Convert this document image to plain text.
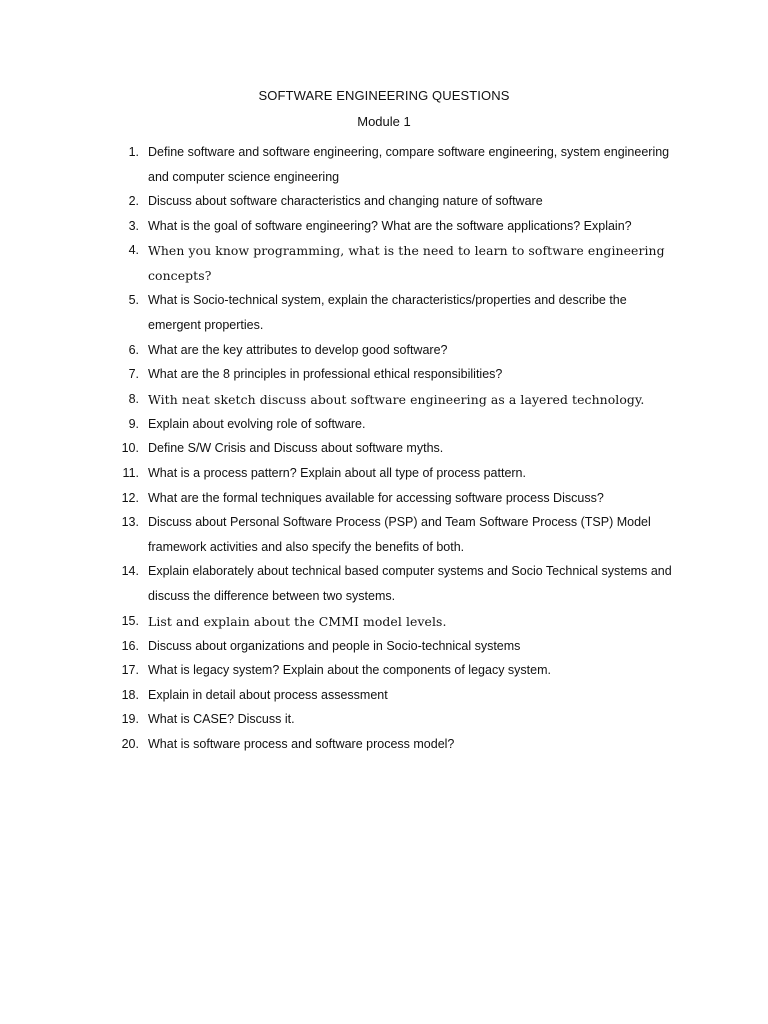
SOFTWARE ENGINEERING QUESTIONS
Module 1
1. Define software and software engineering, compare software engineering, system engineering and computer science engineering
2. Discuss about software characteristics and changing nature of software
3. What is the goal of software engineering? What are the software applications? Explain?
4. When you know programming, what is the need to learn to software engineering concepts?
5. What is Socio-technical system, explain the characteristics/properties and describe the emergent properties.
6. What are the key attributes to develop good software?
7. What are the 8 principles in professional ethical responsibilities?
8. With neat sketch discuss about software engineering as a layered technology.
9. Explain about evolving role of software.
10. Define S/W Crisis and Discuss about software myths.
11. What is a process pattern? Explain about all type of process pattern.
12. What are the formal techniques available for accessing software process Discuss?
13. Discuss about Personal Software Process (PSP) and Team Software Process (TSP) Model framework activities and also specify the benefits of both.
14. Explain elaborately about technical based computer systems and Socio Technical systems and discuss the difference between two systems.
15. List and explain about the CMMI model levels.
16. Discuss about organizations and people in Socio-technical systems
17. What is legacy system? Explain about the components of legacy system.
18. Explain in detail about process assessment
19. What is CASE? Discuss it.
20. What is software process and software process model?
